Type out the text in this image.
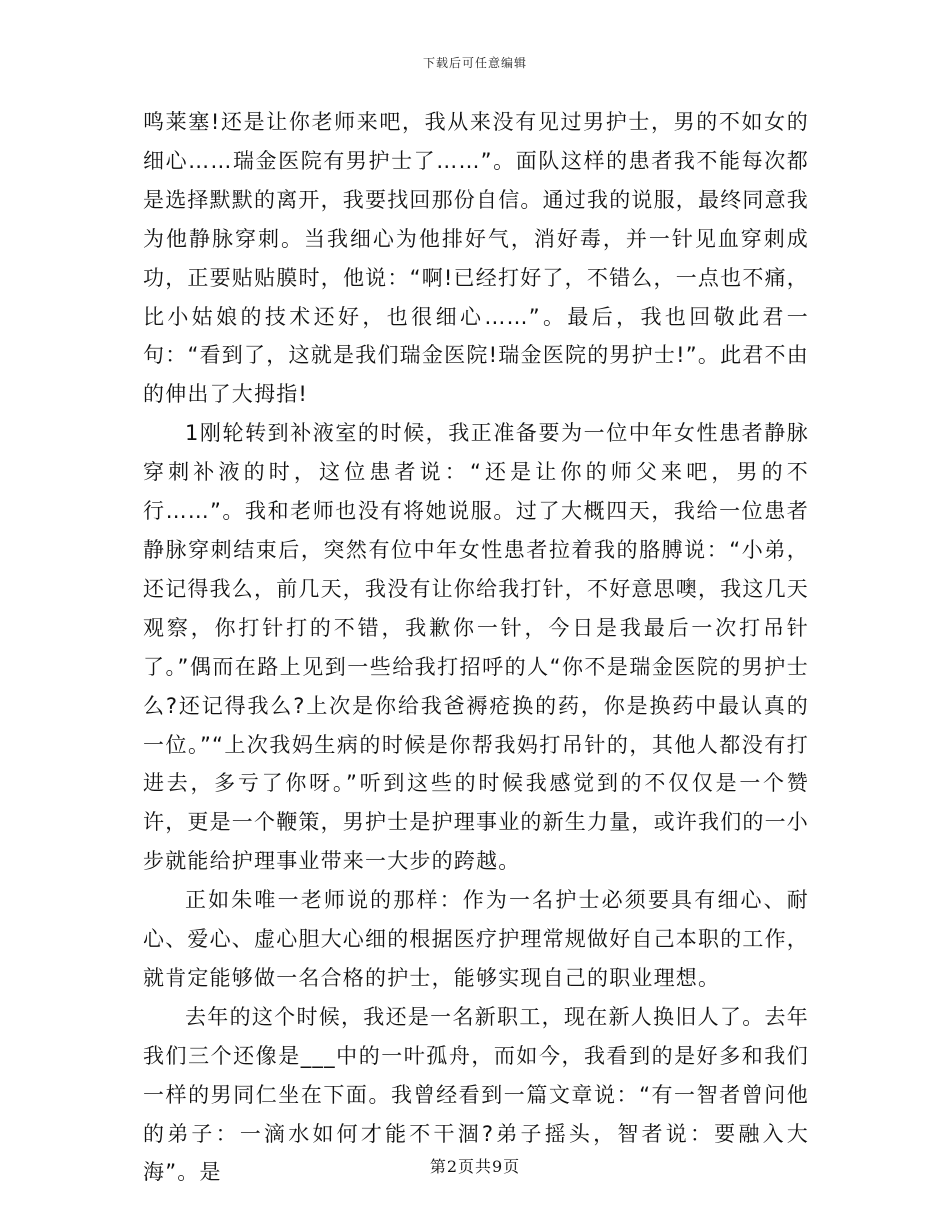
下载后可任意编辑

鸣莱塞!还是让你老师来吧，我从来没有见过男护士，男的不如女的细心……瑞金医院有男护士了……”。面队这样的患者我不能每次都是选择默默的离开，我要找回那份自信。通过我的说服，最终同意我为他静脉穿刺。当我细心为他排好气，消好毒，并一针见血穿刺成功，正要贴贴膜时，他说：“啊!已经打好了，不错么，一点也不痛，比小姑娘的技术还好，也很细心……”。最后，我也回敬此君一句：“看到了，这就是我们瑞金医院!瑞金医院的男护士!”。此君不由的伸出了大拇指!

1刚轮转到补液室的时候，我正准备要为一位中年女性患者静脉穿刺补液的时，这位患者说：“还是让你的师父来吧，男的不行……”。我和老师也没有将她说服。过了大概四天，我给一位患者静脉穿刺结束后，突然有位中年女性患者拉着我的胳膊说：“小弟，还记得我么，前几天，我没有让你给我打针，不好意思噢，我这几天观察，你打针打的不错，我歉你一针，今日是我最后一次打吊针了。”偶而在路上见到一些给我打招呼的人“你不是瑞金医院的男护士么?还记得我么?上次是你给我爸褥疮换的药，你是换药中最认真的一位。”“上次我妈生病的时候是你帮我妈打吊针的，其他人都没有打进去，多亏了你呀。”听到这些的时候我感觉到的不仅仅是一个赞许，更是一个鞭策，男护士是护理事业的新生力量，或许我们的一小步就能给护理事业带来一大步的跨越。

正如朱唯一老师说的那样：作为一名护士必须要具有细心、耐心、爱心、虚心胆大心细的根据医疗护理常规做好自己本职的工作，就肯定能够做一名合格的护士，能够实现自己的职业理想。

去年的这个时候，我还是一名新职工，现在新人换旧人了。去年我们三个还像是___中的一叶孤舟，而如今，我看到的是好多和我们一样的男同仁坐在下面。我曾经看到一篇文章说：“有一智者曾问他的弟子：一滴水如何才能不干涸?弟子摇头，智者说：要融入大海”。是	第2页共9页
